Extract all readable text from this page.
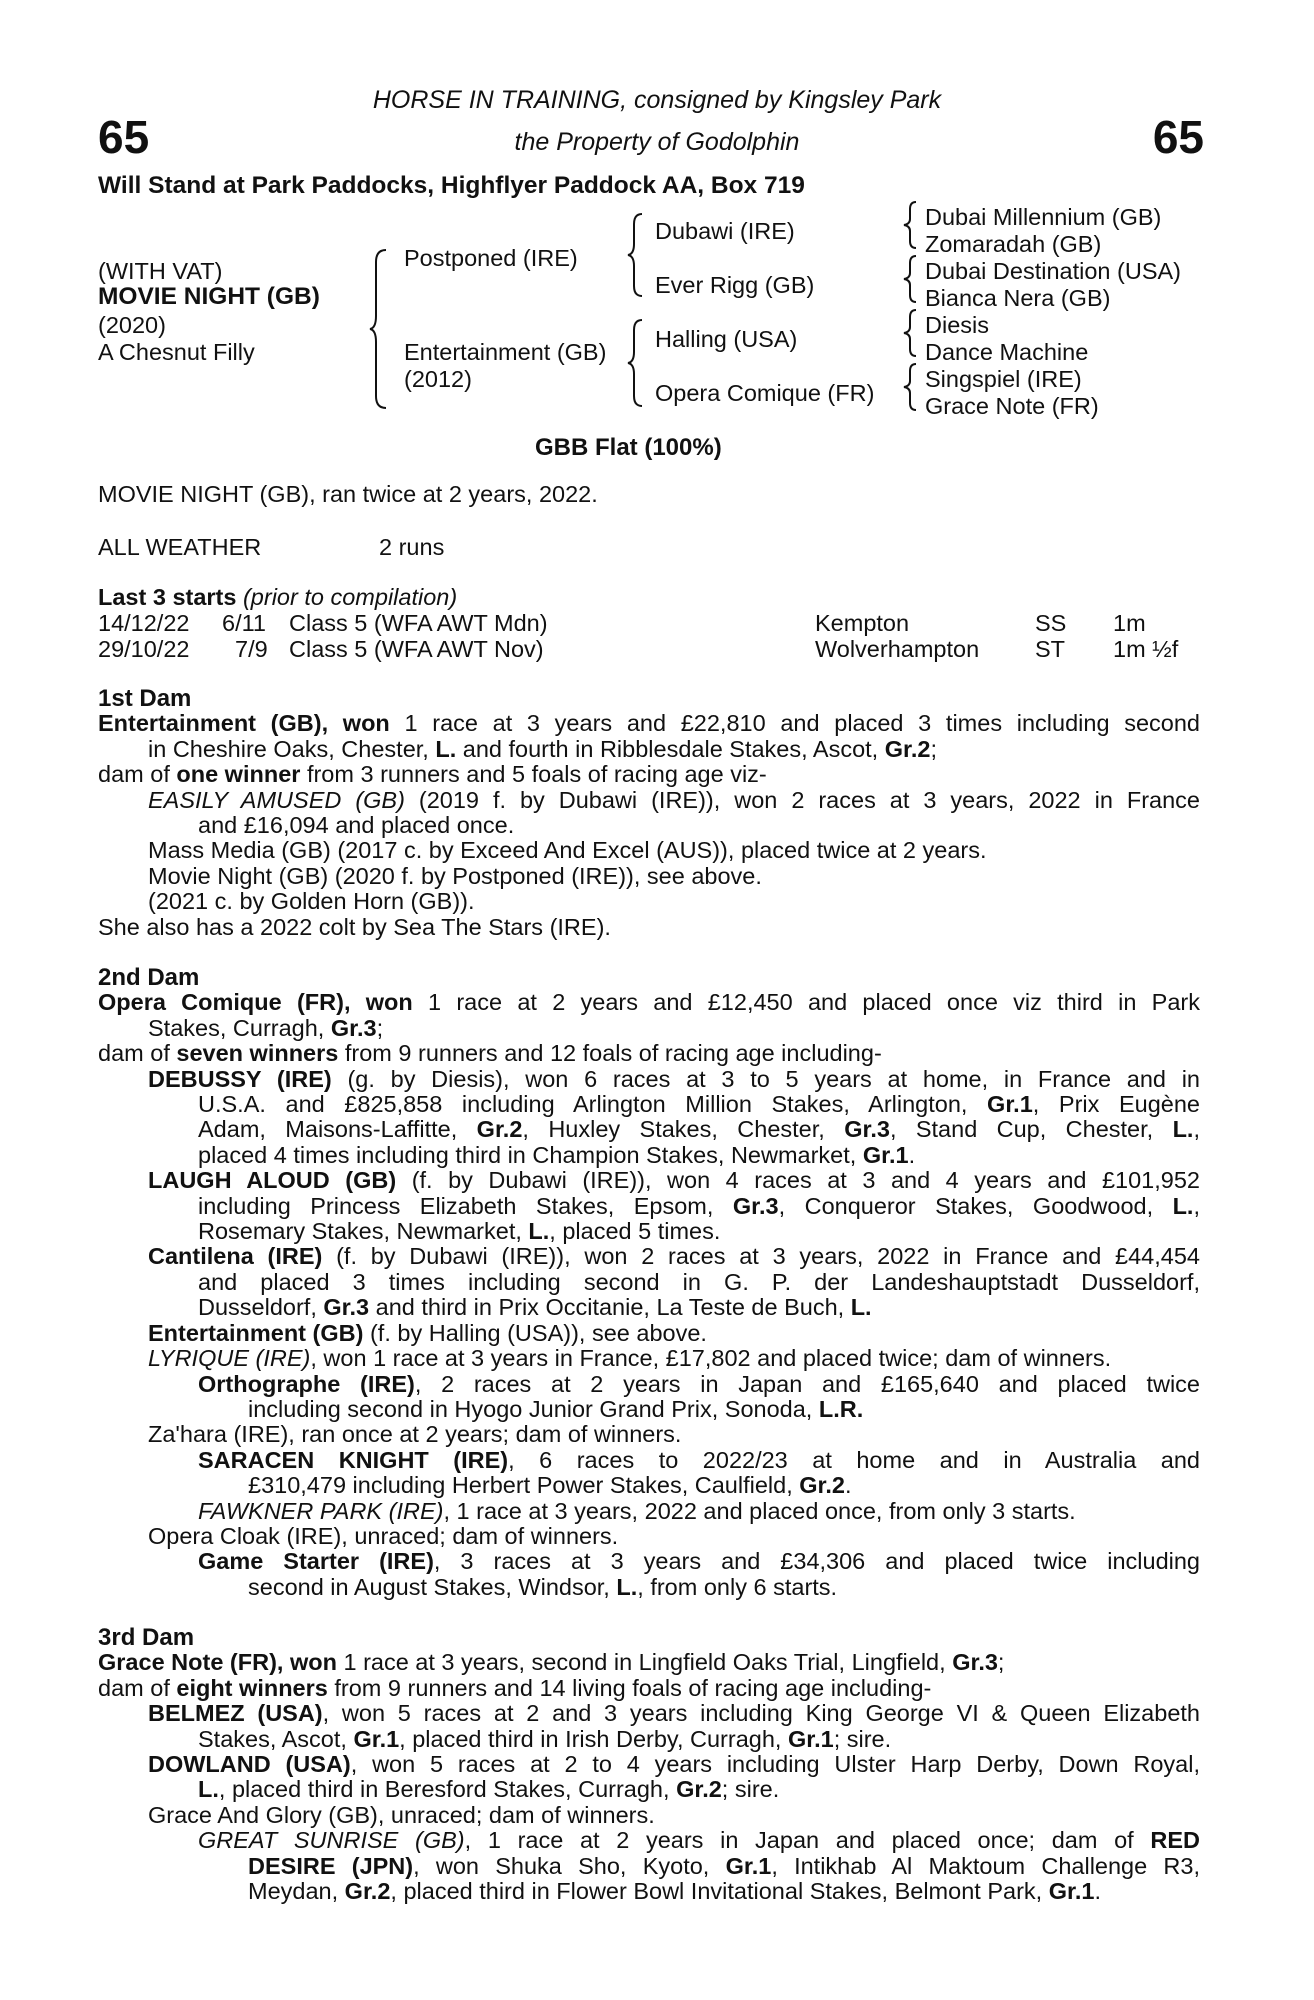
65	65
HORSE IN TRAINING, consigned by Kingsley Park
the Property of Godolphin
Will Stand at Park Paddocks, Highflyer Paddock AA, Box 719
(WITH VAT)
MOVIE NIGHT (GB)
(2020)
A Chesnut Filly
Postponed (IRE)
Entertainment (GB)
(2012)
Dubawi (IRE)
Ever Rigg (GB)
Halling (USA)
Opera Comique (FR)
Dubai Millennium (GB)
Zomaradah (GB)
Dubai Destination (USA)
Bianca Nera (GB)
Diesis
Dance Machine
Singspiel (IRE)
Grace Note (FR)
GBB Flat (100%)
MOVIE NIGHT (GB), ran twice at 2 years, 2022.
ALL WEATHER	2 runs
Last 3 starts (prior to compilation)
14/12/22 6/11 Class 5 (WFA AWT Mdn)	Kempton	SS 1m
29/10/22 7/9 Class 5 (WFA AWT Nov)	Wolverhampton ST 1m ½f
1st Dam
Entertainment (GB), won 1 race at 3 years and £22,810 and placed 3 times including second
in Cheshire Oaks, Chester, L. and fourth in Ribblesdale Stakes, Ascot, Gr.2;
dam of one winner from 3 runners and 5 foals of racing age viz-
EASILY AMUSED (GB) (2019 f. by Dubawi (IRE)), won 2 races at 3 years, 2022 in France
and £16,094 and placed once.
Mass Media (GB) (2017 c. by Exceed And Excel (AUS)), placed twice at 2 years.
Movie Night (GB) (2020 f. by Postponed (IRE)), see above.
(2021 c. by Golden Horn (GB)).
She also has a 2022 colt by Sea The Stars (IRE).
2nd Dam
Opera Comique (FR), won 1 race at 2 years and £12,450 and placed once viz third in Park
Stakes, Curragh, Gr.3;
dam of seven winners from 9 runners and 12 foals of racing age including-
DEBUSSY (IRE) (g. by Diesis), won 6 races at 3 to 5 years at home, in France and in
U.S.A. and £825,858 including Arlington Million Stakes, Arlington, Gr.1, Prix Eugène
Adam, Maisons-Laffitte, Gr.2, Huxley Stakes, Chester, Gr.3, Stand Cup, Chester, L.,
placed 4 times including third in Champion Stakes, Newmarket, Gr.1.
LAUGH ALOUD (GB) (f. by Dubawi (IRE)), won 4 races at 3 and 4 years and £101,952
including Princess Elizabeth Stakes, Epsom, Gr.3, Conqueror Stakes, Goodwood, L.,
Rosemary Stakes, Newmarket, L., placed 5 times.
Cantilena (IRE) (f. by Dubawi (IRE)), won 2 races at 3 years, 2022 in France and £44,454
and placed 3 times including second in G. P. der Landeshauptstadt Dusseldorf,
Dusseldorf, Gr.3 and third in Prix Occitanie, La Teste de Buch, L.
Entertainment (GB) (f. by Halling (USA)), see above.
LYRIQUE (IRE), won 1 race at 3 years in France, £17,802 and placed twice; dam of winners.
Orthographe (IRE), 2 races at 2 years in Japan and £165,640 and placed twice
including second in Hyogo Junior Grand Prix, Sonoda, L.R.
Za'hara (IRE), ran once at 2 years; dam of winners.
SARACEN KNIGHT (IRE), 6 races to 2022/23 at home and in Australia and
£310,479 including Herbert Power Stakes, Caulfield, Gr.2.
FAWKNER PARK (IRE), 1 race at 3 years, 2022 and placed once, from only 3 starts.
Opera Cloak (IRE), unraced; dam of winners.
Game Starter (IRE), 3 races at 3 years and £34,306 and placed twice including
second in August Stakes, Windsor, L., from only 6 starts.
3rd Dam
Grace Note (FR), won 1 race at 3 years, second in Lingfield Oaks Trial, Lingfield, Gr.3;
dam of eight winners from 9 runners and 14 living foals of racing age including-
BELMEZ (USA), won 5 races at 2 and 3 years including King George VI & Queen Elizabeth
Stakes, Ascot, Gr.1, placed third in Irish Derby, Curragh, Gr.1; sire.
DOWLAND (USA), won 5 races at 2 to 4 years including Ulster Harp Derby, Down Royal,
L., placed third in Beresford Stakes, Curragh, Gr.2; sire.
Grace And Glory (GB), unraced; dam of winners.
GREAT SUNRISE (GB), 1 race at 2 years in Japan and placed once; dam of RED
DESIRE (JPN), won Shuka Sho, Kyoto, Gr.1, Intikhab Al Maktoum Challenge R3,
Meydan, Gr.2, placed third in Flower Bowl Invitational Stakes, Belmont Park, Gr.1.
